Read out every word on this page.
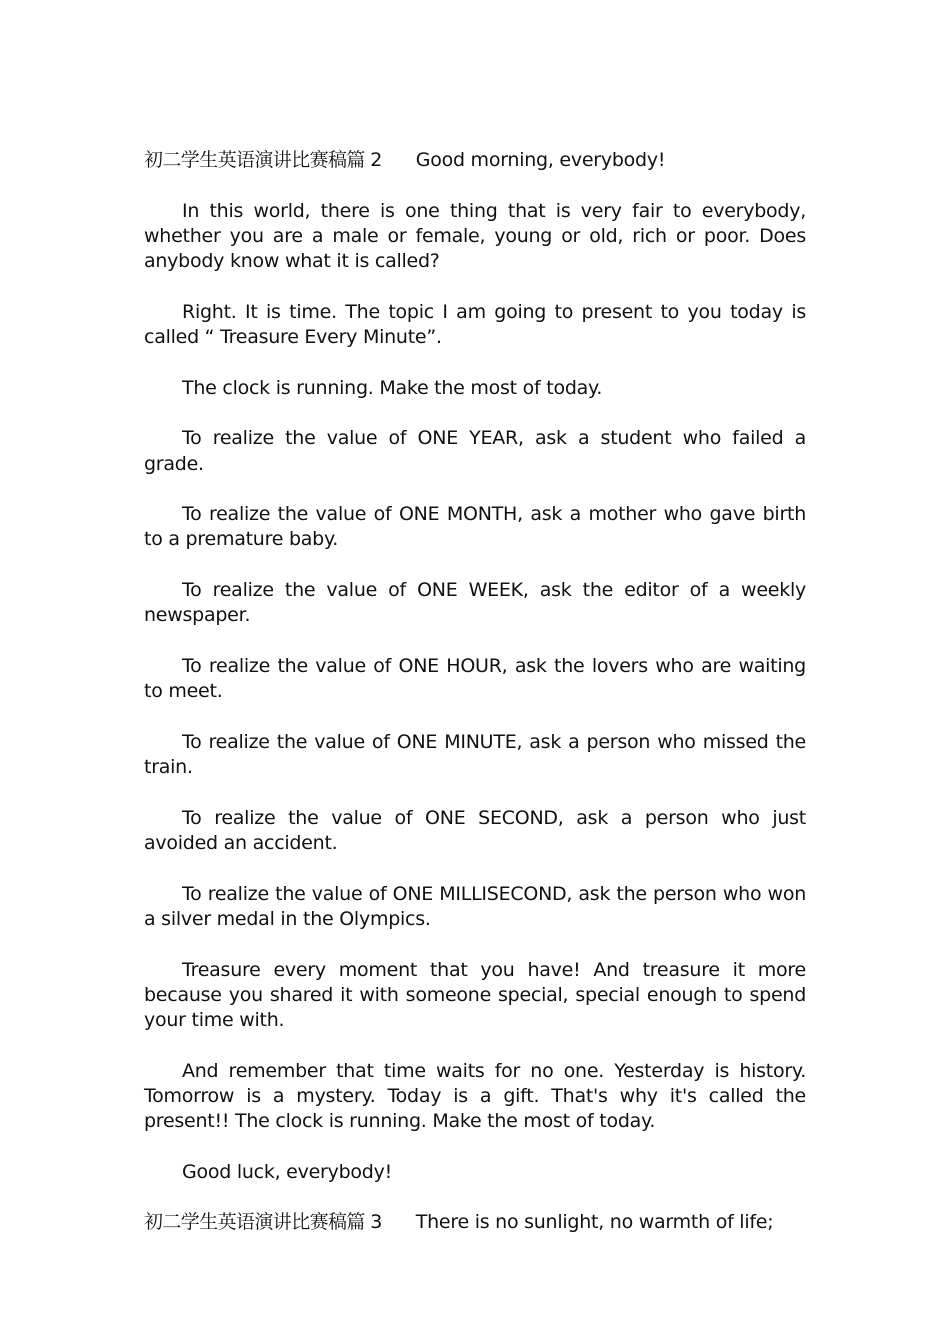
初二学生英语演讲比赛稿篇 2 Good morning, everybody!

In this world, there is one thing that is very fair to everybody, whether you are a male or female, young or old, rich or poor. Does anybody know what it is called?

Right. It is time. The topic I am going to present to you today is called “ Treasure Every Minute”.

The clock is running. Make the most of today.

To realize the value of ONE YEAR, ask a student who failed a grade.

To realize the value of ONE MONTH, ask a mother who gave birth to a premature baby.

To realize the value of ONE WEEK, ask the editor of a weekly newspaper.

To realize the value of ONE HOUR, ask the lovers who are waiting to meet.

To realize the value of ONE MINUTE, ask a person who missed the train.

To realize the value of ONE SECOND, ask a person who just avoided an accident.

To realize the value of ONE MILLISECOND, ask the person who won a silver medal in the Olympics.

Treasure every moment that you have! And treasure it more because you shared it with someone special, special enough to spend your time with.

And remember that time waits for no one. Yesterday is history. Tomorrow is a mystery. Today is a gift. That's why it's called the present!! The clock is running. Make the most of today.

Good luck, everybody!

初二学生英语演讲比赛稿篇 3 There is no sunlight, no warmth of life;
